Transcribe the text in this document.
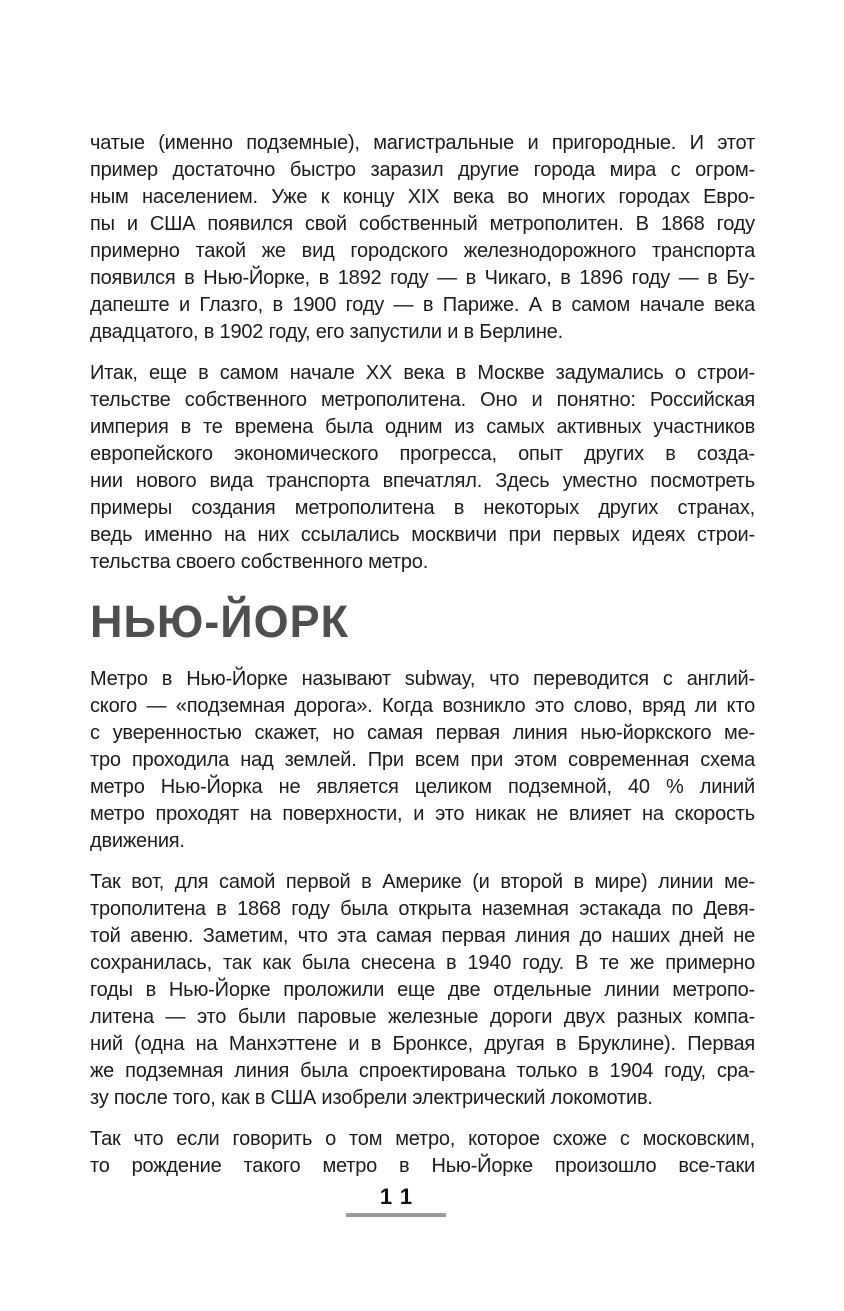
чатые (именно подземные), магистральные и пригородные. И этот
пример достаточно быстро заразил другие города мира с огром-
ным населением. Уже к концу XIX века во многих городах Евро-
пы и США появился свой собственный метрополитен. В 1868 году
примерно такой же вид городского железнодорожного транспорта
появился в Нью-Йорке, в 1892 году — в Чикаго, в 1896 году — в Бу-
дапеште и Глазго, в 1900 году — в Париже. А в самом начале века
двадцатого, в 1902 году, его запустили и в Берлине.

Итак, еще в самом начале XX века в Москве задумались о строи-
тельстве собственного метрополитена. Оно и понятно: Российская
империя в те времена была одним из самых активных участников
европейского экономического прогресса, опыт других в созда-
нии нового вида транспорта впечатлял. Здесь уместно посмотреть
примеры создания метрополитена в некоторых других странах,
ведь именно на них ссылались москвичи при первых идеях строи-
тельства своего собственного метро.

НЬЮ-ЙОРК

Метро в Нью-Йорке называют subway, что переводится с англий-
ского — «подземная дорога». Когда возникло это слово, вряд ли кто
с уверенностью скажет, но самая первая линия нью-йоркского ме-
тро проходила над землей. При всем при этом современная схема
метро Нью-Йорка не является целиком подземной, 40 % линий
метро проходят на поверхности, и это никак не влияет на скорость
движения.

Так вот, для самой первой в Америке (и второй в мире) линии ме-
трополитена в 1868 году была открыта наземная эстакада по Девя-
той авеню. Заметим, что эта самая первая линия до наших дней не
сохранилась, так как была снесена в 1940 году. В те же примерно
годы в Нью-Йорке проложили еще две отдельные линии метропо-
литена — это были паровые железные дороги двух разных компа-
ний (одна на Манхэттене и в Бронксе, другая в Бруклине). Первая
же подземная линия была спроектирована только в 1904 году, сра-
зу после того, как в США изобрели электрический локомотив.

Так что если говорить о том метро, которое схоже с московским,
то рождение такого метро в Нью-Йорке произошло все-таки

11
